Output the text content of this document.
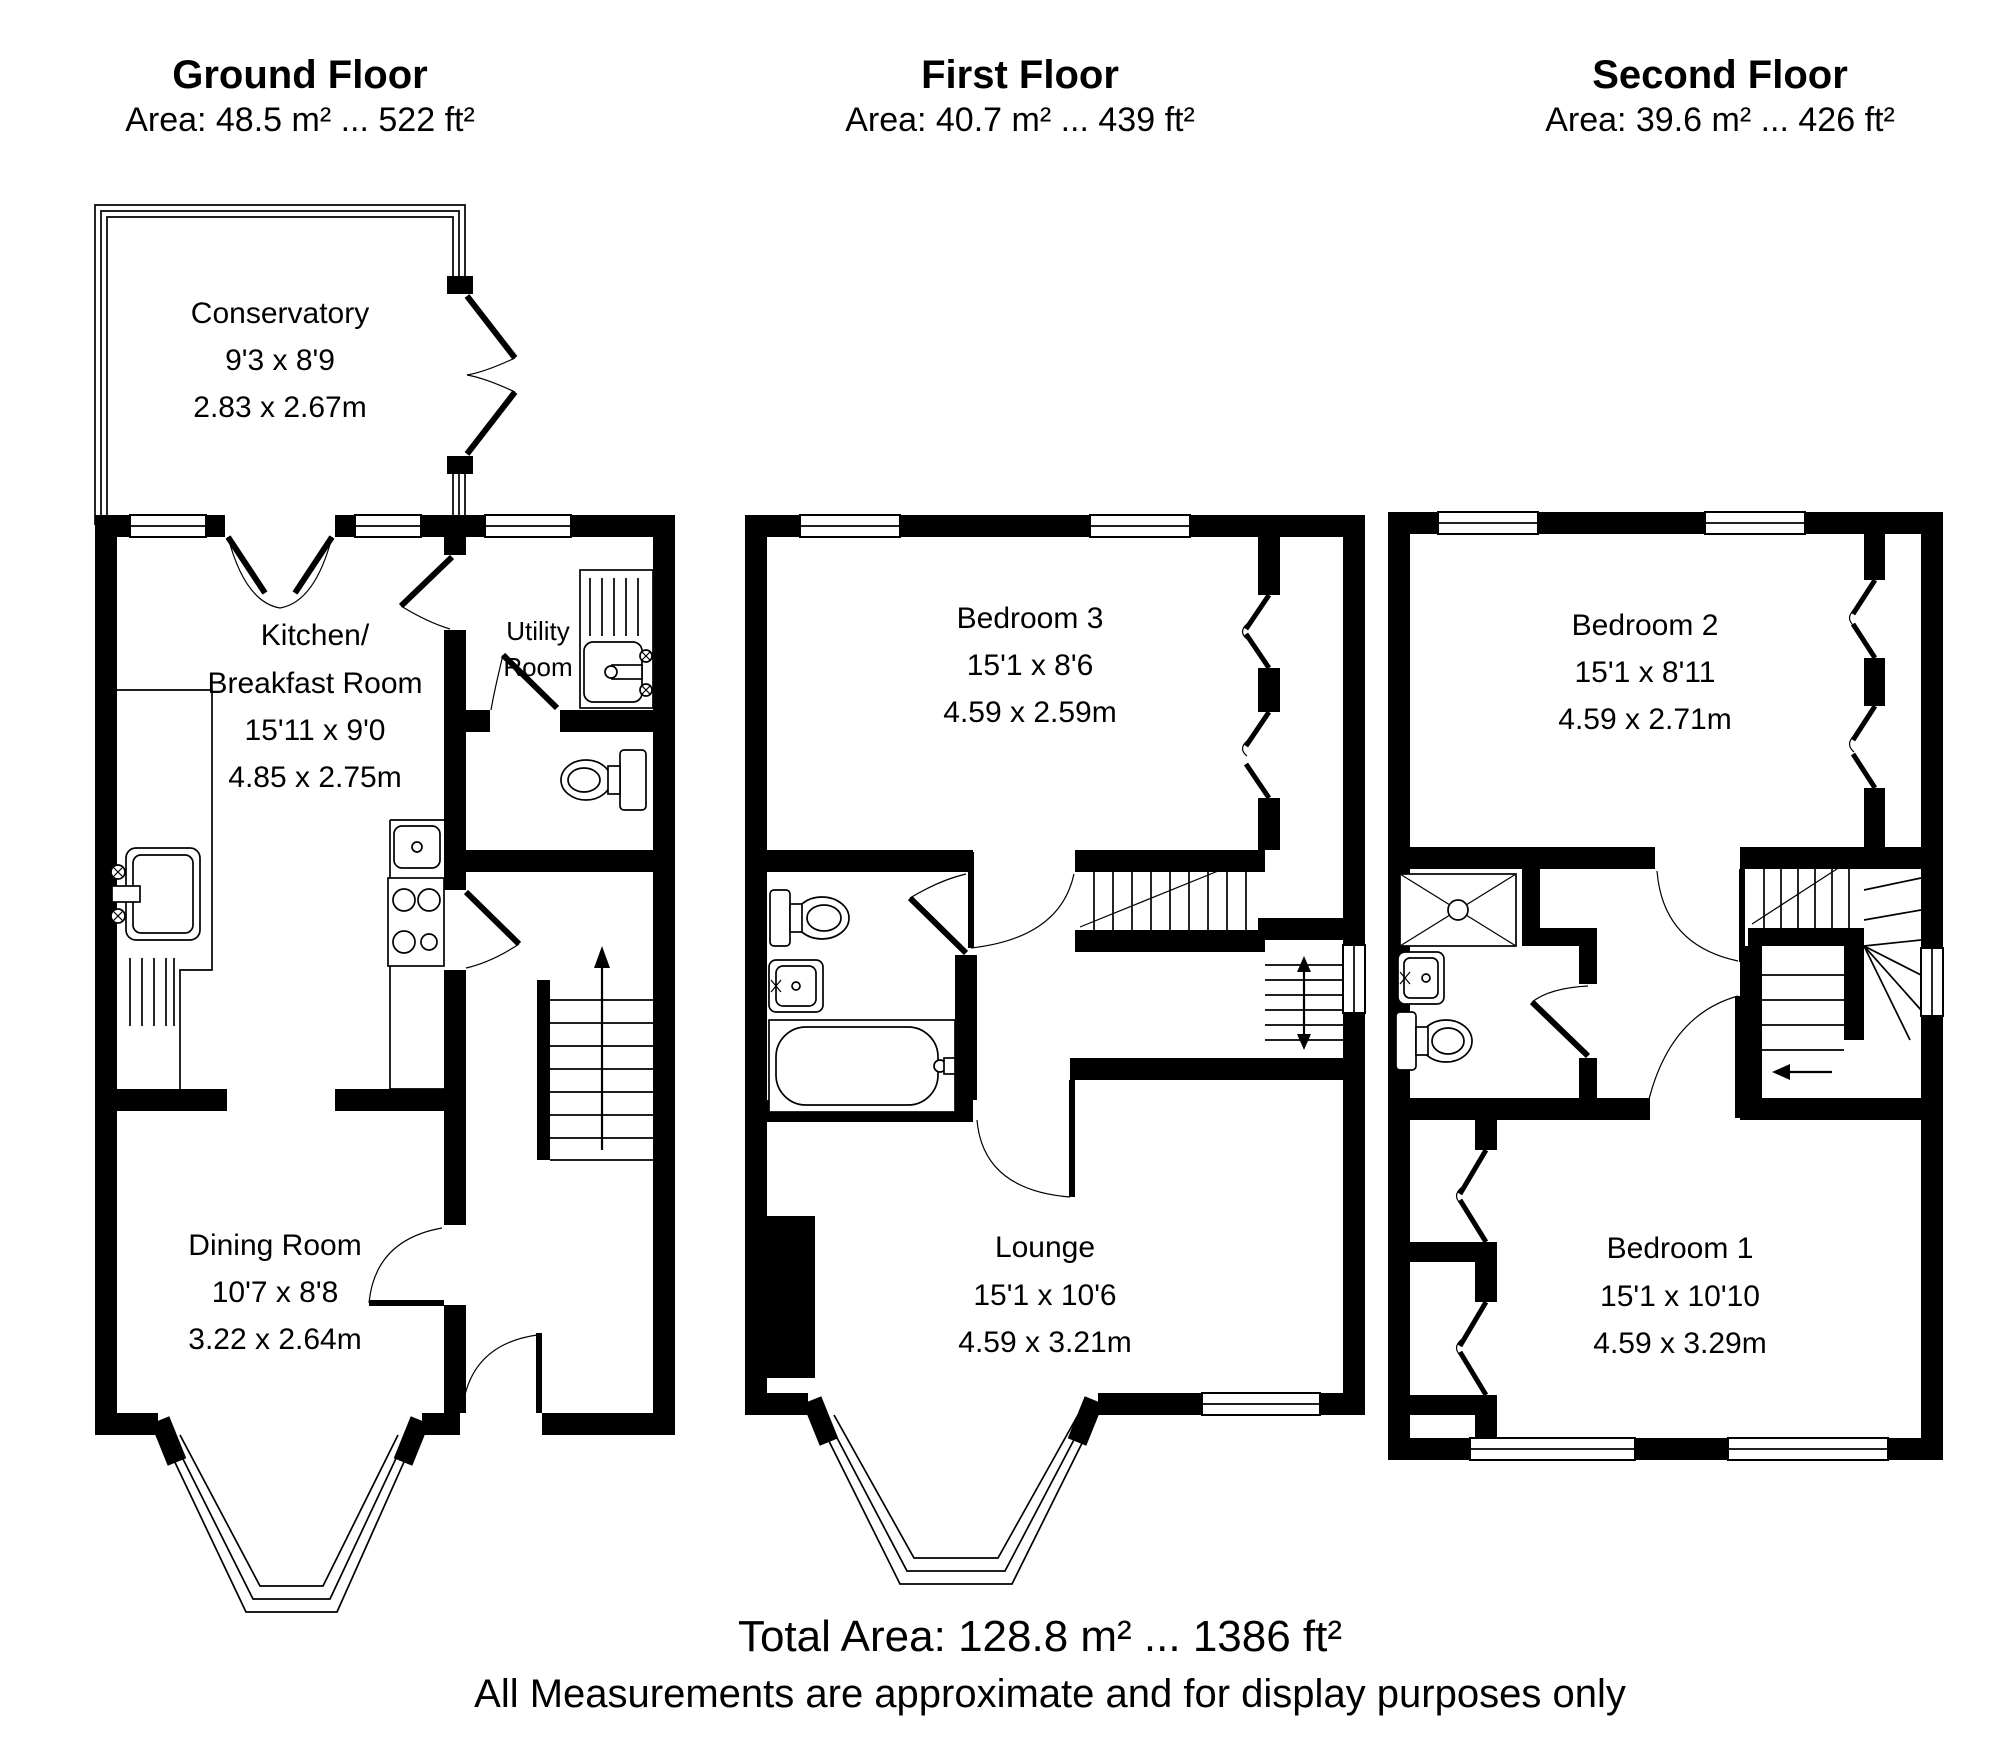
Ground Floor
Area: 48.5 m² ... 522 ft²
First Floor
Area: 40.7 m² ... 439 ft²
Second Floor
Area: 39.6 m² ... 426 ft²
Conservatory
9'3 x 8'9
2.83 x 2.67m
Kitchen/
Breakfast Room
15'11 x 9'0
4.85 x 2.75m
Utility
Room
Dining Room
10'7 x 8'8
3.22 x 2.64m
Bedroom 3
15'1 x 8'6
4.59 x 2.59m
Lounge
15'1 x 10'6
4.59 x 3.21m
Bedroom 2
15'1 x 8'11
4.59 x 2.71m
Bedroom 1
15'1 x 10'10
4.59 x 3.29m
Total Area: 128.8 m² ... 1386 ft²
All Measurements are approximate and for display purposes only
